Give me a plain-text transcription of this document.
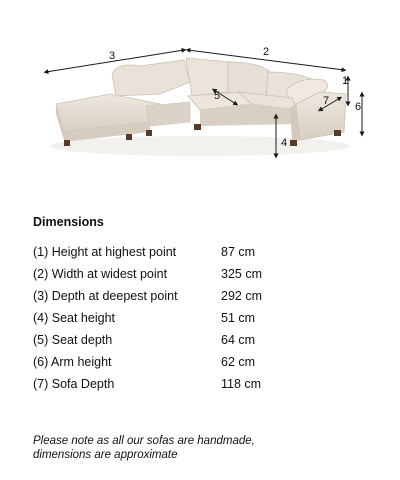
3	2
1
4
5
6
7
Dimensions
(1) Height at highest point	87 cm
(2) Width at widest point	325 cm
(3) Depth at deepest point	292 cm
(4) Seat height	51 cm
(5) Seat depth	64 cm
(6) Arm height	62 cm
(7) Sofa Depth	118 cm
Please note as all our sofas are handmade,
dimensions are approximate
